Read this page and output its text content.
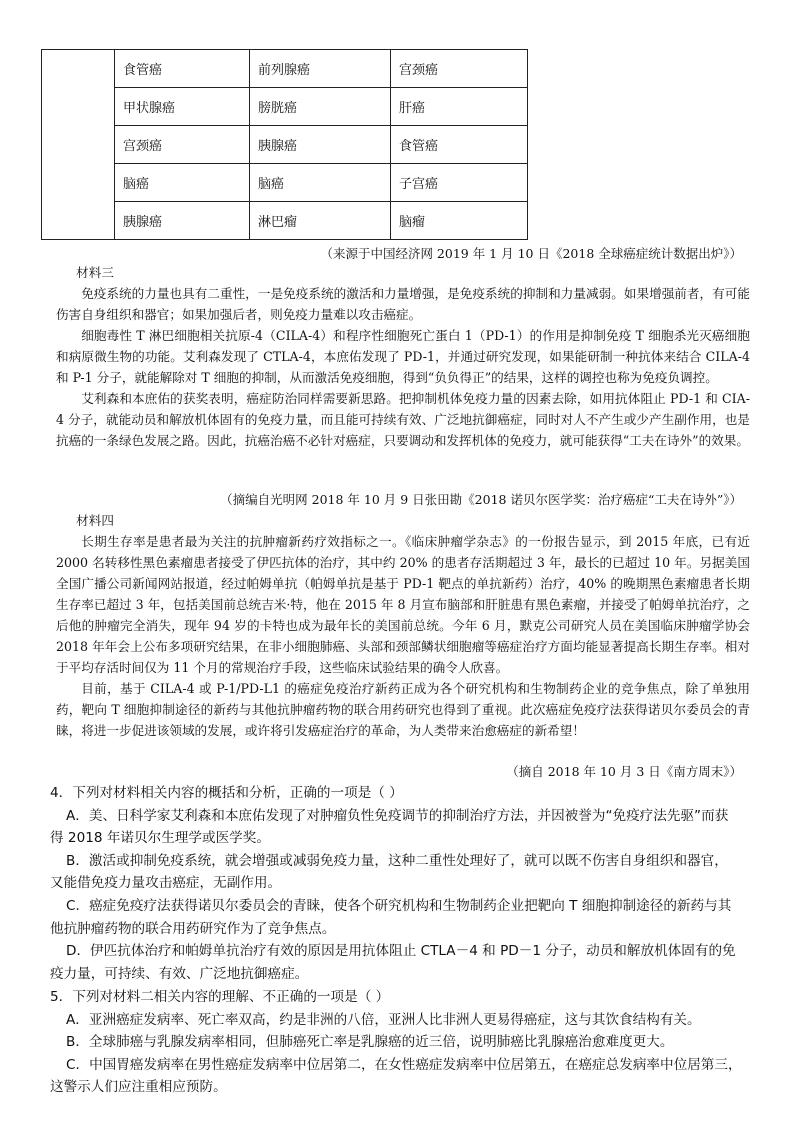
	食管癌	前列腺癌	宫颈癌
	甲状腺癌	膀胱癌	肝癌
	宫颈癌	胰腺癌	食管癌
	脑癌	脑癌	子宫癌
	胰腺癌	淋巴瘤	脑瘤
（来源于中国经济网 2019 年 1 月 10 日《2018 全球癌症统计数据出炉》）

材料三

免疫系统的力量也具有二重性，一是免疫系统的激活和力量增强，是免疫系统的抑制和力量减弱。如果增强前者，有可能伤害自身组织和器官；如果加强后者，则免疫力量难以攻击癌症。

细胞毒性 T 淋巴细胞相关抗原-4（CILA-4）和程序性细胞死亡蛋白 1（PD-1）的作用是抑制免疫 T 细胞杀光灭癌细胞和病原微生物的功能。艾利森发现了 CTLA-4，本庶佑发现了 PD-1，并通过研究发现，如果能研制一种抗体来结合 CILA-4 和 P-1 分子，就能解除对 T 细胞的抑制，从而激活免疫细胞，得到“负负得正”的结果，这样的调控也称为免疫负调控。

艾利森和本庶佑的获奖表明，癌症防治同样需要新思路。把抑制机体免疫力量的因素去除，如用抗体阻止 PD-1 和 CIA-4 分子，就能动员和解放机体固有的免疫力量，而且能可持续有效、广泛地抗御癌症，同时对人不产生或少产生副作用，也是抗癌的一条绿色发展之路。因此，抗癌治癌不必针对癌症，只要调动和发挥机体的免疫力，就可能获得“工夫在诗外”的效果。

（摘编自光明网 2018 年 10 月 9 日张田勘《2018 诺贝尔医学奖：治疗癌症“工夫在诗外”》）

材料四

长期生存率是患者最为关注的抗肿瘤新药疗效指标之一。《临床肿瘤学杂志》的一份报告显示，到 2015 年底，已有近 2000 名转移性黑色素瘤患者接受了伊匹抗体的治疗，其中约 20% 的患者存活期超过 3 年，最长的已超过 10 年。另据美国全国广播公司新闻网站报道，经过帕姆单抗（帕姆单抗是基于 PD-1 靶点的单抗新药）治疗，40% 的晚期黑色素瘤患者长期生存率已超过 3 年，包括美国前总统吉米·特，他在 2015 年 8 月宣布脑部和肝脏患有黑色素瘤，并接受了帕姆单抗治疗，之后他的肿瘤完全消失，现年 94 岁的卡特也成为最年长的美国前总统。今年 6 月，默克公司研究人员在美国临床肿瘤学协会 2018 年年会上公布多项研究结果，在非小细胞肺癌、头部和颈部鳞状细胞瘤等癌症治疗方面均能显著提高长期生存率。相对于平均存活时间仅为 11 个月的常规治疗手段，这些临床试验结果的确令人欣喜。

目前，基于 CILA-4 或 P-1/PD-L1 的癌症免疫治疗新药正成为各个研究机构和生物制药企业的竞争焦点，除了单独用药，靶向 T 细胞抑制途径的新药与其他抗肿瘤药物的联合用药研究也得到了重视。此次癌症免疫疗法获得诺贝尔委员会的青睐，将进一步促进该领域的发展，或许将引发癌症治疗的革命，为人类带来治愈癌症的新希望！

（摘自 2018 年 10 月 3 日《南方周末》）

4．下列对材料相关内容的概括和分析，正确的一项是（ ）

A．美、日科学家艾利森和本庶佑发现了对肿瘤负性免疫调节的抑制治疗方法，并因被誉为“免疫疗法先驱”而获

得 2018 年诺贝尔生理学或医学奖。

B．激活或抑制免疫系统，就会增强或减弱免疫力量，这种二重性处理好了，就可以既不伤害自身组织和器官，

又能借免疫力量攻击癌症，无副作用。

C．癌症免疫疗法获得诺贝尔委员会的青睐，使各个研究机构和生物制药企业把靶向 T 细胞抑制途径的新药与其

他抗肿瘤药物的联合用药研究作为了竞争焦点。

D．伊匹抗体治疗和帕姆单抗治疗有效的原因是用抗体阻止 CTLA－4 和 PD－1 分子，动员和解放机体固有的免

疫力量，可持续、有效、广泛地抗御癌症。

5．下列对材料二相关内容的理解、不正确的一项是（ ）

A．亚洲癌症发病率、死亡率双高，约是非洲的八倍，亚洲人比非洲人更易得癌症，这与其饮食结构有关。

B．全球肺癌与乳腺发病率相同，但肺癌死亡率是乳腺癌的近三倍，说明肺癌比乳腺癌治愈难度更大。

C．中国胃癌发病率在男性癌症发病率中位居第二，在女性癌症发病率中位居第五，在癌症总发病率中位居第三，

这警示人们应注重相应预防。
